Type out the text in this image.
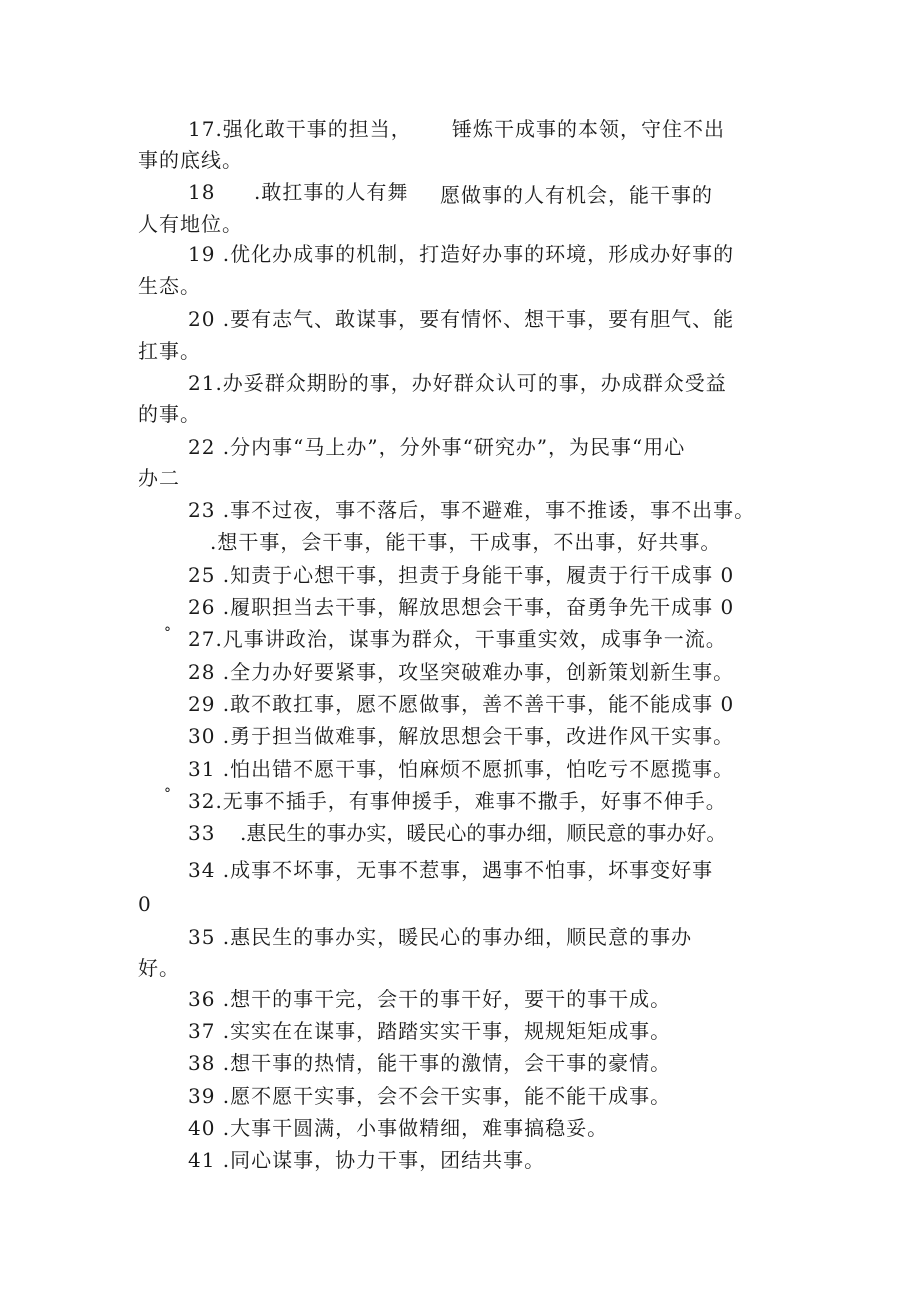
17.强化敢干事的担当， 锤炼干成事的本领，守住不出
事的底线。
18 .敢扛事的人有舞 愿做事的人有机会，能干事的
人有地位。
19 .优化办成事的机制，打造好办事的环境，形成办好事的
生态。
20 .要有志气、敢谋事，要有情怀、想干事，要有胆气、能
扛事。
21.办妥群众期盼的事，办好群众认可的事，办成群众受益
的事。
22 .分内事“马上办”，分外事“研究办”，为民事“用心
办二
23 .事不过夜，事不落后，事不避难，事不推诿，事不出事。
.想干事，会干事，能干事，干成事，不出事，好共事。
25 .知责于心想干事，担责于身能干事，履责于行干成事 0
26 .履职担当去干事，解放思想会干事，奋勇争先干成事 0
° 27.凡事讲政治，谋事为群众，干事重实效，成事争一流。
28 .全力办好要紧事，攻坚突破难办事，创新策划新生事。
29 .敢不敢扛事，愿不愿做事，善不善干事，能不能成事 0
30 .勇于担当做难事，解放思想会干事，改进作风干实事。
31 .怕出错不愿干事，怕麻烦不愿抓事，怕吃亏不愿揽事。
° 32.无事不插手，有事伸援手，难事不撒手，好事不伸手。
33 .惠民生的事办实，暖民心的事办细，顺民意的事办好。
34 .成事不坏事，无事不惹事，遇事不怕事，坏事变好事
0
35 .惠民生的事办实，暖民心的事办细，顺民意的事办
好。
36 .想干的事干完，会干的事干好，要干的事干成。
37 .实实在在谋事，踏踏实实干事，规规矩矩成事。
38 .想干事的热情，能干事的激情，会干事的豪情。
39 .愿不愿干实事，会不会干实事，能不能干成事。
40 .大事干圆满，小事做精细，难事搞稳妥。
41 .同心谋事，协力干事，团结共事。
